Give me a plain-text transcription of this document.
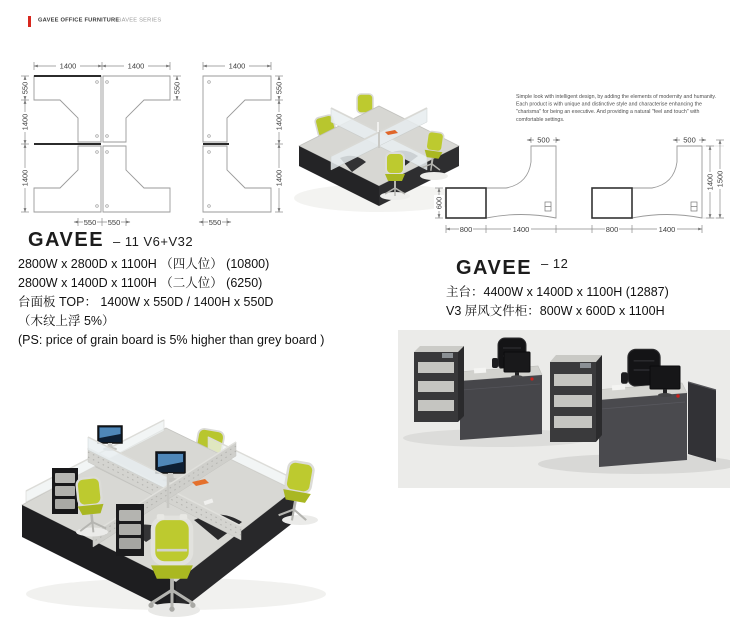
GAVEE OFFICE FURNITURE
GAVEE SERIES
1400	1400
550
1400
1400
550
550 550
1400
550
1400
1400
550
Simple look with intelligent design, by adding the elements of modernity and humanity. Each product is with unique and distinctive style and characterise enhancing the "charisma" for being an executive. And providing a natural "feel and touch" with comfortable settings.
500	500
600
800	1400	800	1400
1400 1500
GAVEE – 11 V6+V32
2800W x 2800D x 1100H （四人位） (10800)
2800W x 1400D x 1100H （二人位） (6250)
台面板 TOP： 1400W x 550D / 1400H x 550D
（木纹上浮 5%）
(PS: price of grain board is 5% higher than grey board )
GAVEE $^{- 12}$
主台：4400W x 1400D x 1100H (12887)
V3 屏风文件柜：800W x 600D x 1100H
